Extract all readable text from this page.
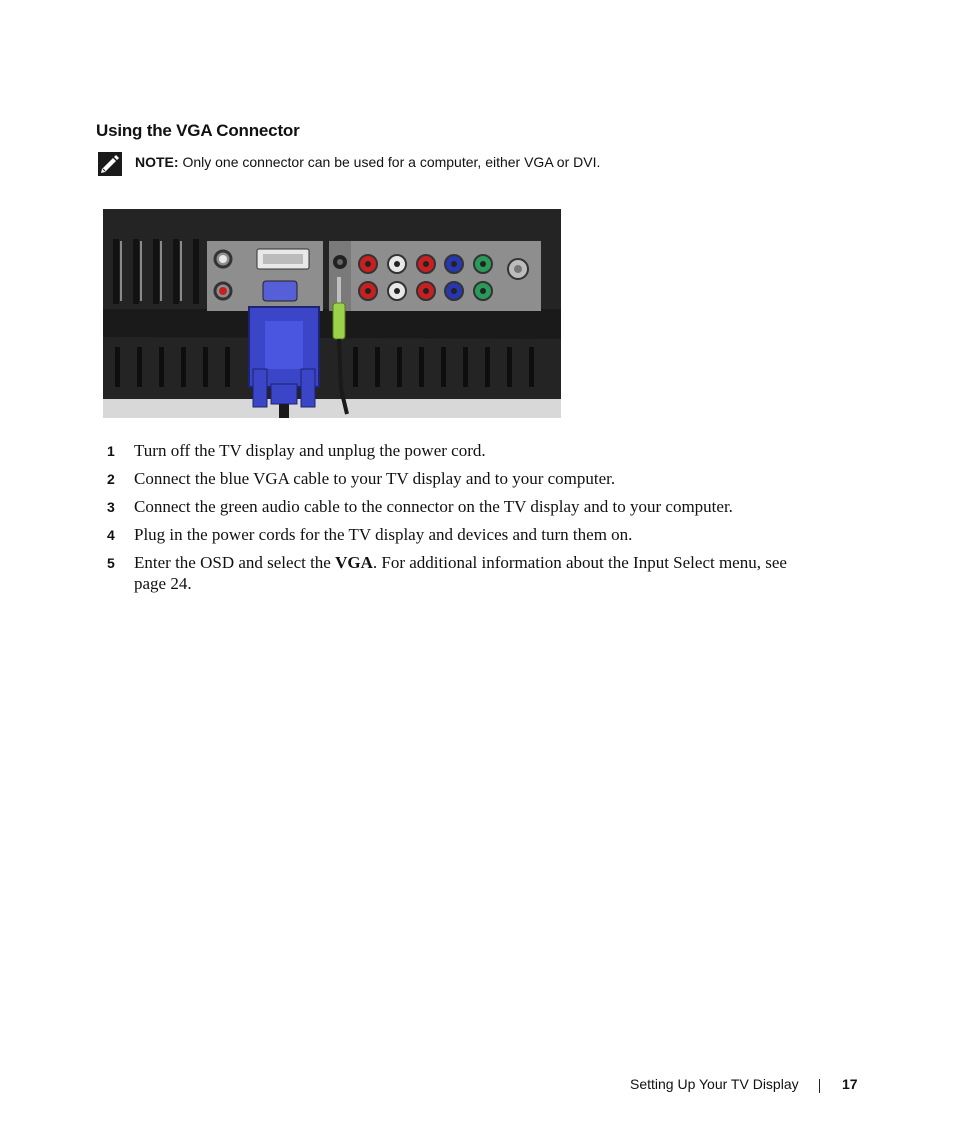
Using the VGA Connector
NOTE: Only one connector can be used for a computer, either VGA or DVI.
1 Turn off the TV display and unplug the power cord.
2 Connect the blue VGA cable to your TV display and to your computer.
3 Connect the green audio cable to the connector on the TV display and to your computer.
4 Plug in the power cords for the TV display and devices and turn them on.
5 Enter the OSD and select the VGA. For additional information about the Input Select menu, see page 24.
Setting Up Your TV Display	17
